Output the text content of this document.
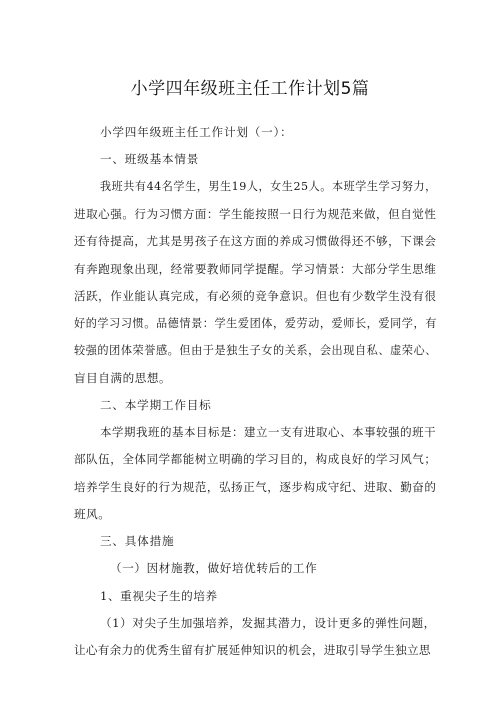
小学四年级班主任工作计划5篇
小学四年级班主任工作计划（一）：
一、班级基本情景
我班共有44名学生，男生19人，女生25人。本班学生学习努力，
进取心强。行为习惯方面：学生能按照一日行为规范来做，但自觉性
还有待提高，尤其是男孩子在这方面的养成习惯做得还不够，下课会
有奔跑现象出现，经常要教师同学提醒。学习情景：大部分学生思维
活跃，作业能认真完成，有必须的竞争意识。但也有少数学生没有很
好的学习习惯。品德情景：学生爱团体，爱劳动，爱师长，爱同学，有
较强的团体荣誉感。但由于是独生子女的关系，会出现自私、虚荣心、
盲目自满的思想。
二、本学期工作目标
本学期我班的基本目标是：建立一支有进取心、本事较强的班干
部队伍，全体同学都能树立明确的学习目的，构成良好的学习风气；
培养学生良好的行为规范，弘扬正气，逐步构成守纪、进取、勤奋的
班风。
三、具体措施
（一）因材施教，做好培优转后的工作
1、重视尖子生的培养
（1）对尖子生加强培养，发掘其潜力，设计更多的弹性问题，
让心有余力的优秀生留有扩展延伸知识的机会，进取引导学生独立思
